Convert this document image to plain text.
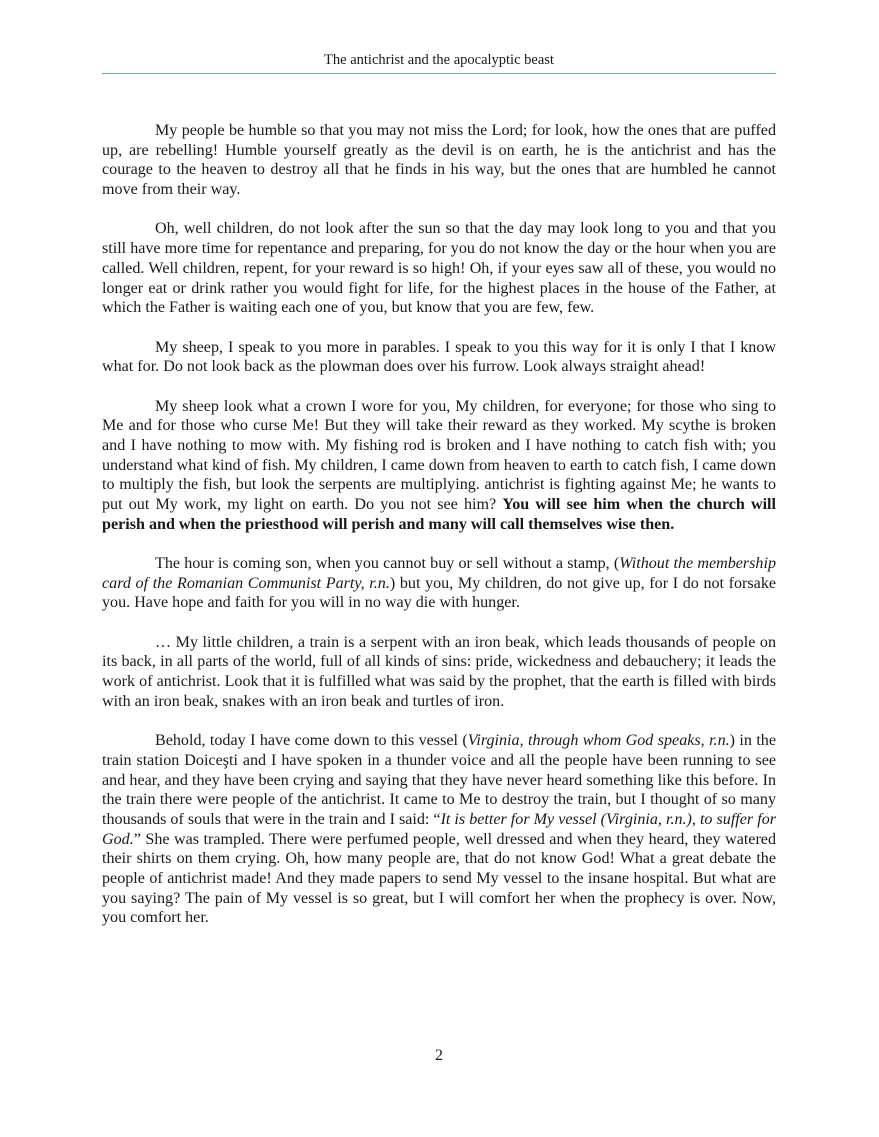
The antichrist and the apocalyptic beast

My people be humble so that you may not miss the Lord; for look, how the ones that are puffed up, are rebelling! Humble yourself greatly as the devil is on earth, he is the antichrist and has the courage to the heaven to destroy all that he finds in his way, but the ones that are humbled he cannot move from their way.

Oh, well children, do not look after the sun so that the day may look long to you and that you still have more time for repentance and preparing, for you do not know the day or the hour when you are called. Well children, repent, for your reward is so high! Oh, if your eyes saw all of these, you would no longer eat or drink rather you would fight for life, for the highest places in the house of the Father, at which the Father is waiting each one of you, but know that you are few, few.

My sheep, I speak to you more in parables. I speak to you this way for it is only I that I know what for. Do not look back as the plowman does over his furrow. Look always straight ahead!

My sheep look what a crown I wore for you, My children, for everyone; for those who sing to Me and for those who curse Me! But they will take their reward as they worked. My scythe is broken and I have nothing to mow with. My fishing rod is broken and I have nothing to catch fish with; you understand what kind of fish. My children, I came down from heaven to earth to catch fish, I came down to multiply the fish, but look the serpents are multiplying. antichrist is fighting against Me; he wants to put out My work, my light on earth. Do you not see him? You will see him when the church will perish and when the priesthood will perish and many will call themselves wise then.

The hour is coming son, when you cannot buy or sell without a stamp, (Without the membership card of the Romanian Communist Party, r.n.) but you, My children, do not give up, for I do not forsake you. Have hope and faith for you will in no way die with hunger.

… My little children, a train is a serpent with an iron beak, which leads thousands of people on its back, in all parts of the world, full of all kinds of sins: pride, wickedness and debauchery; it leads the work of antichrist. Look that it is fulfilled what was said by the prophet, that the earth is filled with birds with an iron beak, snakes with an iron beak and turtles of iron.

Behold, today I have come down to this vessel (Virginia, through whom God speaks, r.n.) in the train station Doiceşti and I have spoken in a thunder voice and all the people have been running to see and hear, and they have been crying and saying that they have never heard something like this before. In the train there were people of the antichrist. It came to Me to destroy the train, but I thought of so many thousands of souls that were in the train and I said: “It is better for My vessel (Virginia, r.n.), to suffer for God.” She was trampled. There were perfumed people, well dressed and when they heard, they watered their shirts on them crying. Oh, how many people are, that do not know God! What a great debate the people of antichrist made! And they made papers to send My vessel to the insane hospital. But what are you saying? The pain of My vessel is so great, but I will comfort her when the prophecy is over. Now, you comfort her.

2
